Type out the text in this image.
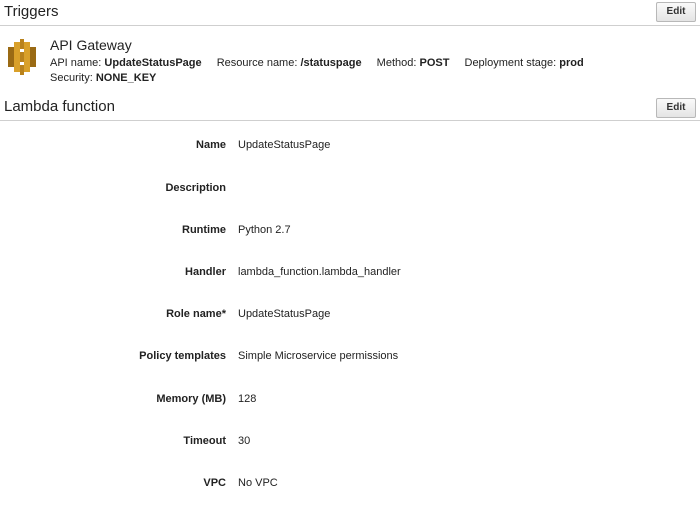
Triggers	Edit
API Gateway
API name: UpdateStatusPage Resource name: /statuspage Method: POST Deployment stage: prod Security: NONE_KEY
Lambda function	Edit
Name UpdateStatusPage
Description
Runtime Python 2.7
Handler lambda_function.lambda_handler
Role name* UpdateStatusPage
Policy templates Simple Microservice permissions
Memory (MB) 128
Timeout 30
VPC No VPC
